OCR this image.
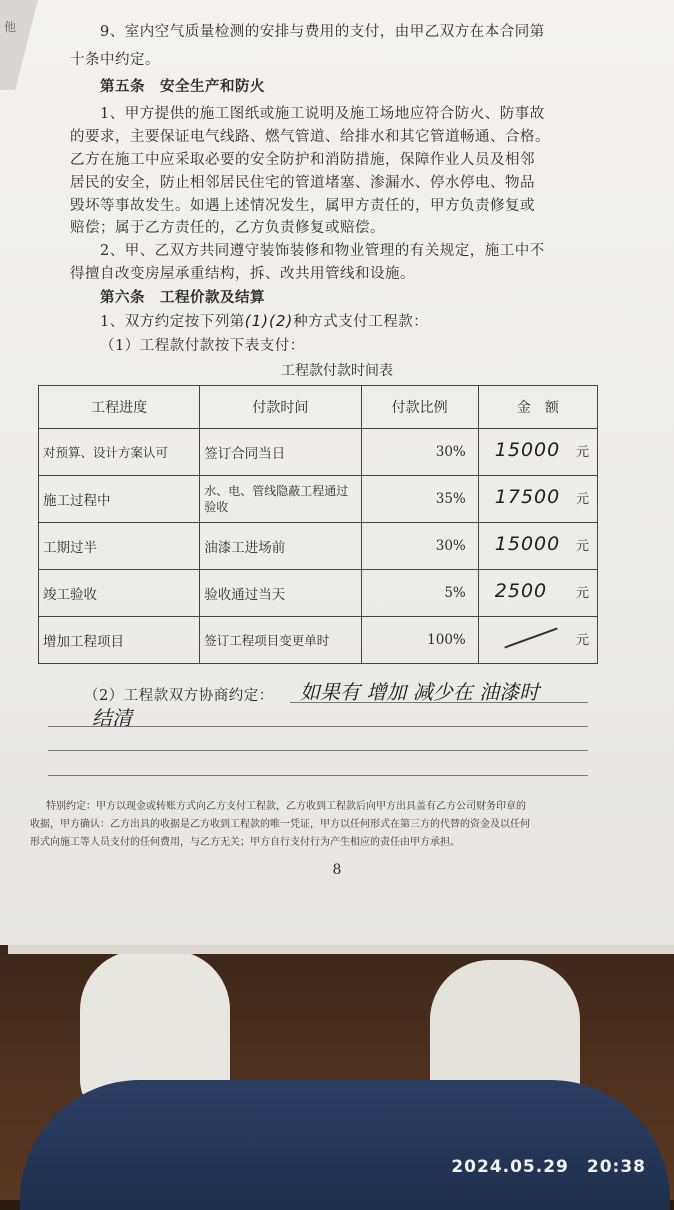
他	9、室内空气质量检测的安排与费用的支付，由甲乙双方在本合同第
十条中约定。
第五条　安全生产和防火
1、甲方提供的施工图纸或施工说明及施工场地应符合防火、防事故
的要求，主要保证电气线路、燃气管道、给排水和其它管道畅通、合格。
乙方在施工中应采取必要的安全防护和消防措施，保障作业人员及相邻
居民的安全，防止相邻居民住宅的管道堵塞、渗漏水、停水停电、物品
毁坏等事故发生。如遇上述情况发生，属甲方责任的，甲方负责修复或
赔偿；属于乙方责任的，乙方负责修复或赔偿。
2、甲、乙双方共同遵守装饰装修和物业管理的有关规定，施工中不
得擅自改变房屋承重结构，拆、改共用管线和设施。
第六条　工程价款及结算
1、双方约定按下列第(1)(2)种方式支付工程款：
（1）工程款付款按下表支付：
工程款付款时间表
工程进度	付款时间	付款比例	金　额
对预算、设计方案认可	签订合同当日	30%	15000 元

施工过程中	水、电、管线隐蔽工程通过验收	35%	17500 元

工期过半	油漆工进场前	30%	15000 元

竣工验收	验收通过当天	5%	2500 元

增加工程项目	签订工程项目变更单时	100%	元
（2）工程款双方协商约定： 如果有 增加 减少在 油漆时
结清
特别约定：甲方以现金或转账方式向乙方支付工程款，乙方收到工程款后向甲方出具盖有乙方公司财务印章的
收据，甲方确认：乙方出具的收据是乙方收到工程款的唯一凭证，甲方以任何形式在第三方的代替的资金及以任何
形式向施工等人员支付的任何费用，与乙方无关；甲方自行支付行为产生相应的责任由甲方承担。
8
2024.05.29　20:38
